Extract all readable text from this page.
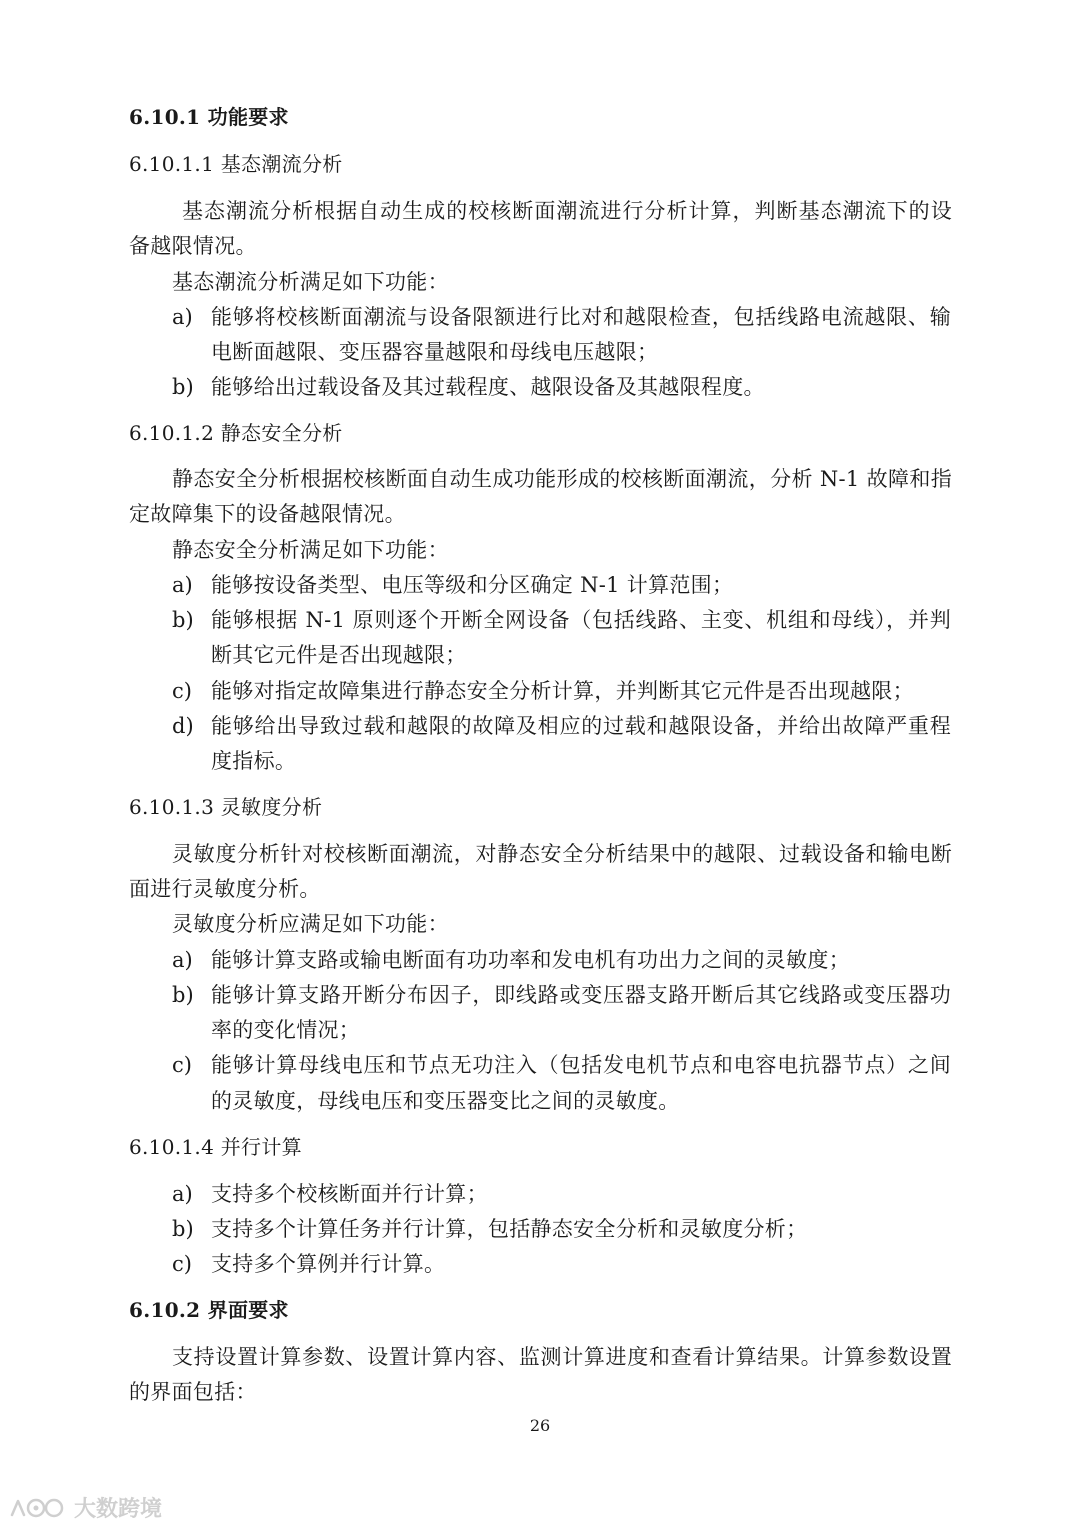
6.10.1 功能要求
6.10.1.1 基态潮流分析
基态潮流分析根据自动生成的校核断面潮流进行分析计算，判断基态潮流下的设
备越限情况。
基态潮流分析满足如下功能：
a) 能够将校核断面潮流与设备限额进行比对和越限检查，包括线路电流越限、输
电断面越限、变压器容量越限和母线电压越限；
b) 能够给出过载设备及其过载程度、越限设备及其越限程度。
6.10.1.2 静态安全分析
静态安全分析根据校核断面自动生成功能形成的校核断面潮流，分析 N-1 故障和指
定故障集下的设备越限情况。
静态安全分析满足如下功能：
a) 能够按设备类型、电压等级和分区确定 N-1 计算范围；
b) 能够根据 N-1 原则逐个开断全网设备（包括线路、主变、机组和母线），并判
断其它元件是否出现越限；
c) 能够对指定故障集进行静态安全分析计算，并判断其它元件是否出现越限；
d) 能够给出导致过载和越限的故障及相应的过载和越限设备，并给出故障严重程
度指标。
6.10.1.3 灵敏度分析
灵敏度分析针对校核断面潮流，对静态安全分析结果中的越限、过载设备和输电断
面进行灵敏度分析。
灵敏度分析应满足如下功能：
a) 能够计算支路或输电断面有功功率和发电机有功出力之间的灵敏度；
b) 能够计算支路开断分布因子，即线路或变压器支路开断后其它线路或变压器功
率的变化情况；
c) 能够计算母线电压和节点无功注入（包括发电机节点和电容电抗器节点）之间
的灵敏度，母线电压和变压器变比之间的灵敏度。
6.10.1.4 并行计算
a) 支持多个校核断面并行计算；
b) 支持多个计算任务并行计算，包括静态安全分析和灵敏度分析；
c) 支持多个算例并行计算。
6.10.2 界面要求
支持设置计算参数、设置计算内容、监测计算进度和查看计算结果。计算参数设置
的界面包括：
26
大数跨境
